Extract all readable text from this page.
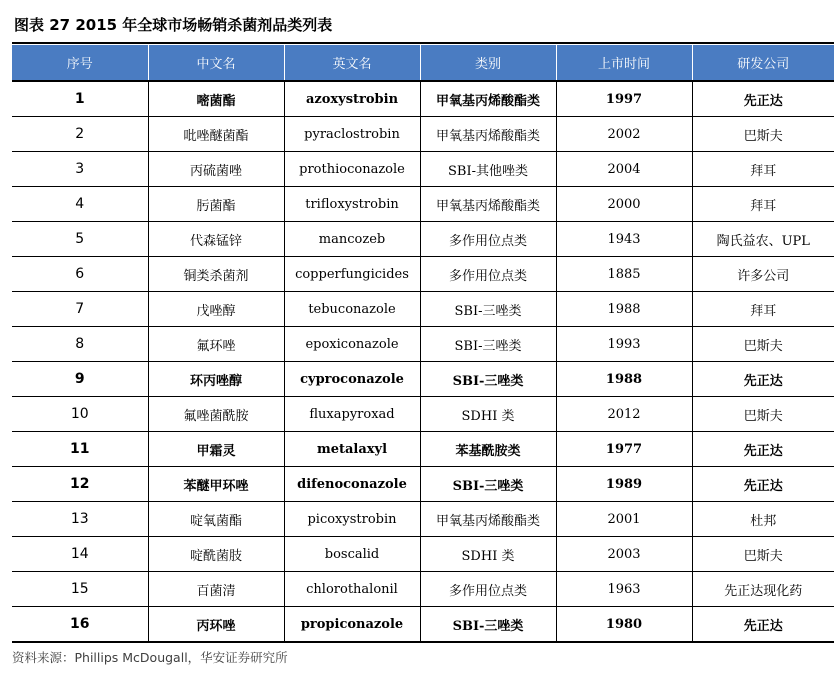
图表 27 2015 年全球市场畅销杀菌剂品类列表
序号	中文名	英文名	类别	上市时间	研发公司
1	嘧菌酯	azoxystrobin	甲氧基丙烯酸酯类	1997	先正达
2	吡唑醚菌酯	pyraclostrobin	甲氧基丙烯酸酯类	2002	巴斯夫
3	丙硫菌唑	prothioconazole	SBI-其他唑类	2004	拜耳
4	肟菌酯	trifloxystrobin	甲氧基丙烯酸酯类	2000	拜耳
5	代森锰锌	mancozeb	多作用位点类	1943	陶氏益农、UPL
6	铜类杀菌剂	copperfungicides	多作用位点类	1885	许多公司
7	戊唑醇	tebuconazole	SBI-三唑类	1988	拜耳
8	氟环唑	epoxiconazole	SBI-三唑类	1993	巴斯夫
9	环丙唑醇	cyproconazole	SBI-三唑类	1988	先正达
10	氟唑菌酰胺	fluxapyroxad	SDHI 类	2012	巴斯夫
11	甲霜灵	metalaxyl	苯基酰胺类	1977	先正达
12	苯醚甲环唑	difenoconazole	SBI-三唑类	1989	先正达
13	啶氧菌酯	picoxystrobin	甲氧基丙烯酸酯类	2001	杜邦
14	啶酰菌肢	boscalid	SDHI 类	2003	巴斯夫
15	百菌清	chlorothalonil	多作用位点类	1963	先正达现化药
16	丙环唑	propiconazole	SBI-三唑类	1980	先正达
资料来源：Phillips McDougall，华安证券研究所
